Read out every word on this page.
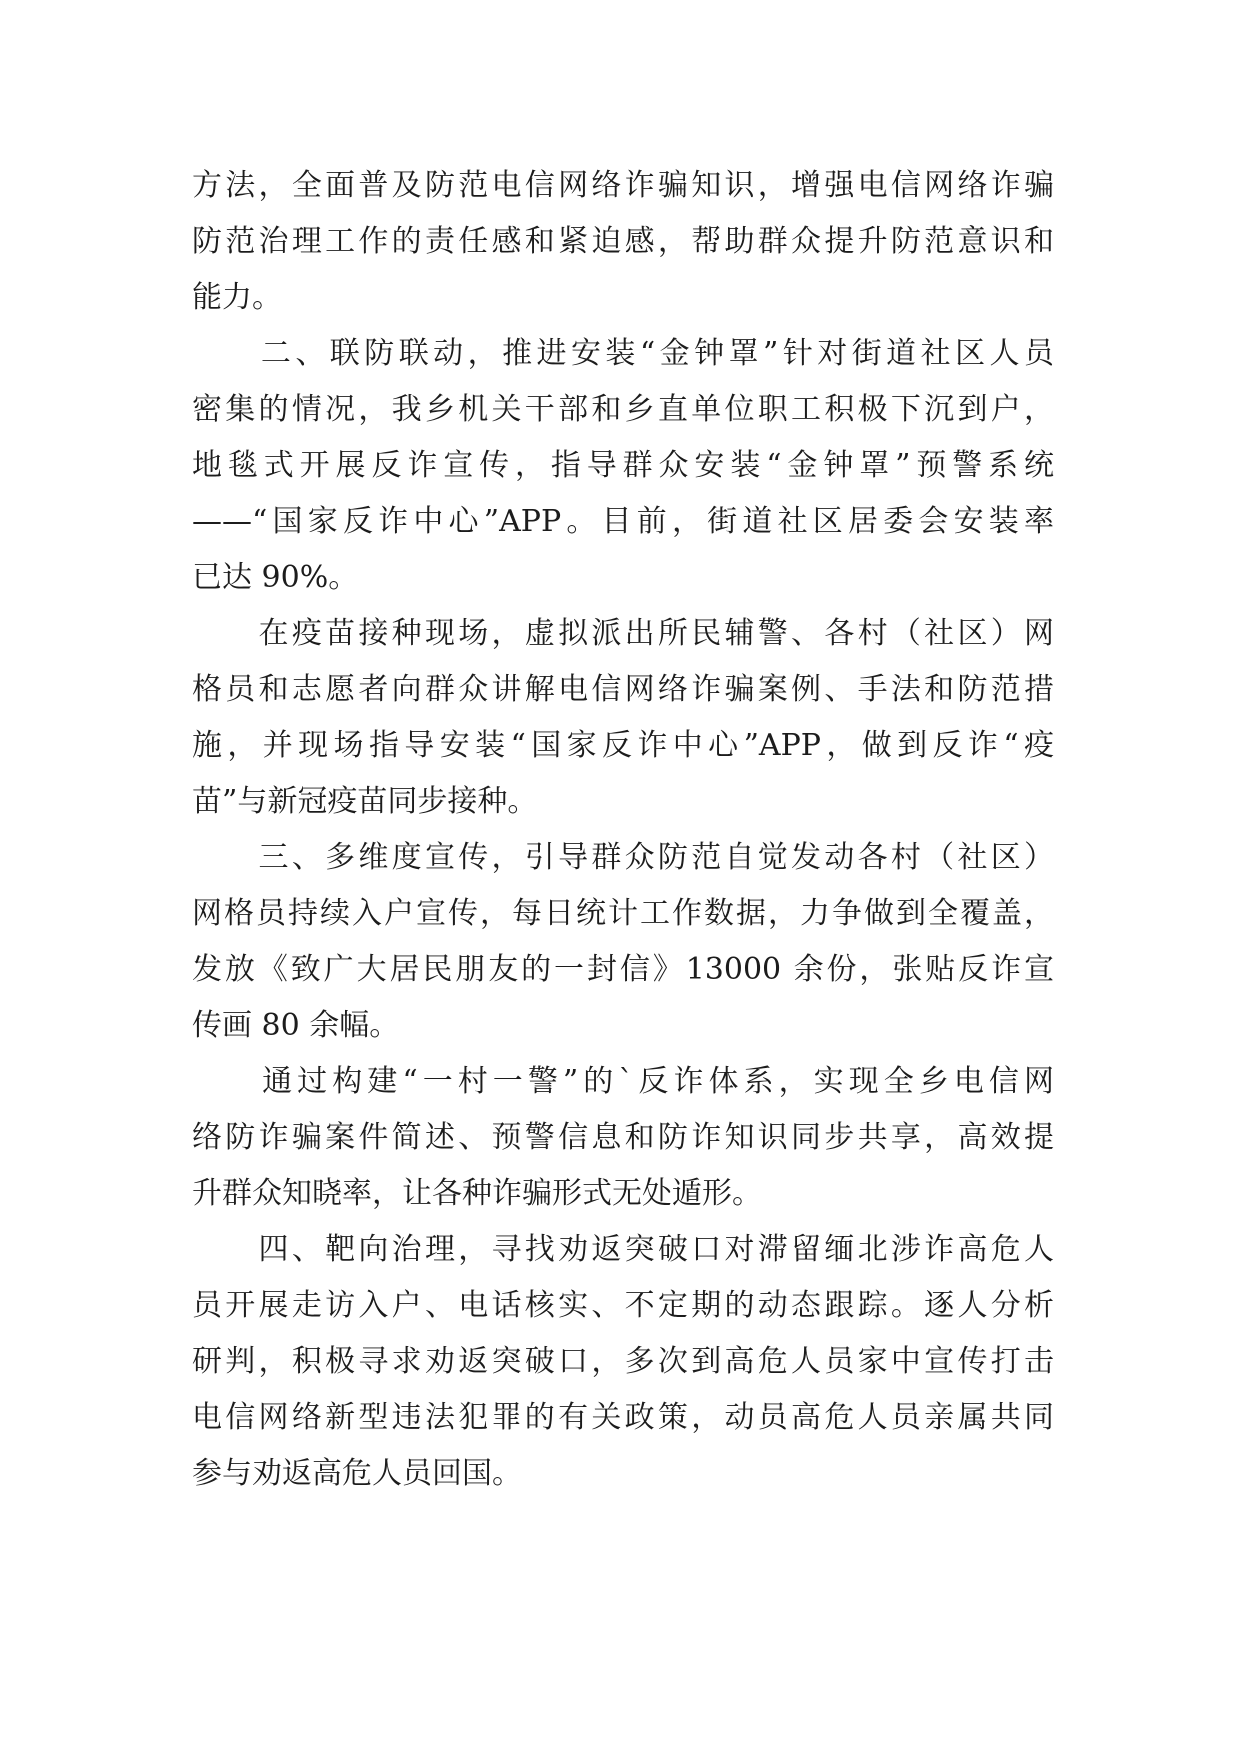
方法，全面普及防范电信网络诈骗知识，增强电信网络诈骗
防范治理工作的责任感和紧迫感，帮助群众提升防范意识和
能力。
　　二、联防联动，推进安装“金钟罩”针对街道社区人员
密集的情况，我乡机关干部和乡直单位职工积极下沉到户，
地毯式开展反诈宣传，指导群众安装“金钟罩”预警系统
——“国家反诈中心”APP。目前，街道社区居委会安装率
已达 90%。
　　在疫苗接种现场，虚拟派出所民辅警、各村（社区）网
格员和志愿者向群众讲解电信网络诈骗案例、手法和防范措
施，并现场指导安装“国家反诈中心”APP，做到反诈“疫
苗”与新冠疫苗同步接种。
　　三、多维度宣传，引导群众防范自觉发动各村（社区）
网格员持续入户宣传，每日统计工作数据，力争做到全覆盖，
发放《致广大居民朋友的一封信》13000 余份，张贴反诈宣
传画 80 余幅。
　　通过构建“一村一警”的`反诈体系，实现全乡电信网
络防诈骗案件简述、预警信息和防诈知识同步共享，高效提
升群众知晓率，让各种诈骗形式无处遁形。
　　四、靶向治理，寻找劝返突破口对滞留缅北涉诈高危人
员开展走访入户、电话核实、不定期的动态跟踪。逐人分析
研判，积极寻求劝返突破口，多次到高危人员家中宣传打击
电信网络新型违法犯罪的有关政策，动员高危人员亲属共同
参与劝返高危人员回国。
